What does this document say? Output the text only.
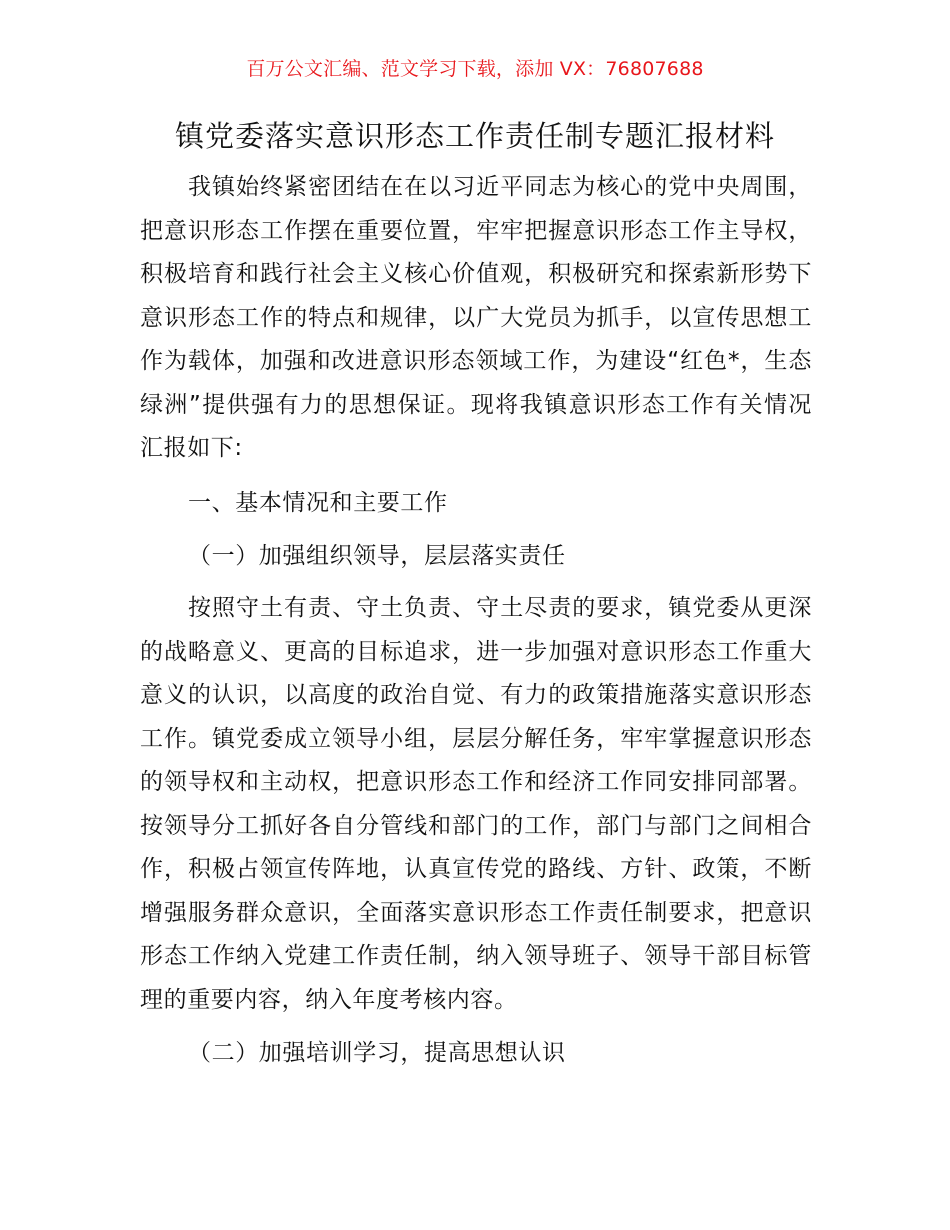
百万公文汇编、范文学习下载，添加 VX：76807688
镇党委落实意识形态工作责任制专题汇报材料

我镇始终紧密团结在在以习近平同志为核心的党中央周围，把意识形态工作摆在重要位置，牢牢把握意识形态工作主导权，积极培育和践行社会主义核心价值观，积极研究和探索新形势下意识形态工作的特点和规律，以广大党员为抓手，以宣传思想工作为载体，加强和改进意识形态领域工作，为建设“红色*，生态绿洲”提供强有力的思想保证。现将我镇意识形态工作有关情况汇报如下:

一、基本情况和主要工作

（一）加强组织领导，层层落实责任

按照守土有责、守土负责、守土尽责的要求，镇党委从更深的战略意义、更高的目标追求，进一步加强对意识形态工作重大意义的认识，以高度的政治自觉、有力的政策措施落实意识形态工作。镇党委成立领导小组，层层分解任务，牢牢掌握意识形态的领导权和主动权，把意识形态工作和经济工作同安排同部署。按领导分工抓好各自分管线和部门的工作，部门与部门之间相合作，积极占领宣传阵地，认真宣传党的路线、方针、政策，不断增强服务群众意识，全面落实意识形态工作责任制要求，把意识形态工作纳入党建工作责任制，纳入领导班子、领导干部目标管理的重要内容，纳入年度考核内容。

（二）加强培训学习，提高思想认识
